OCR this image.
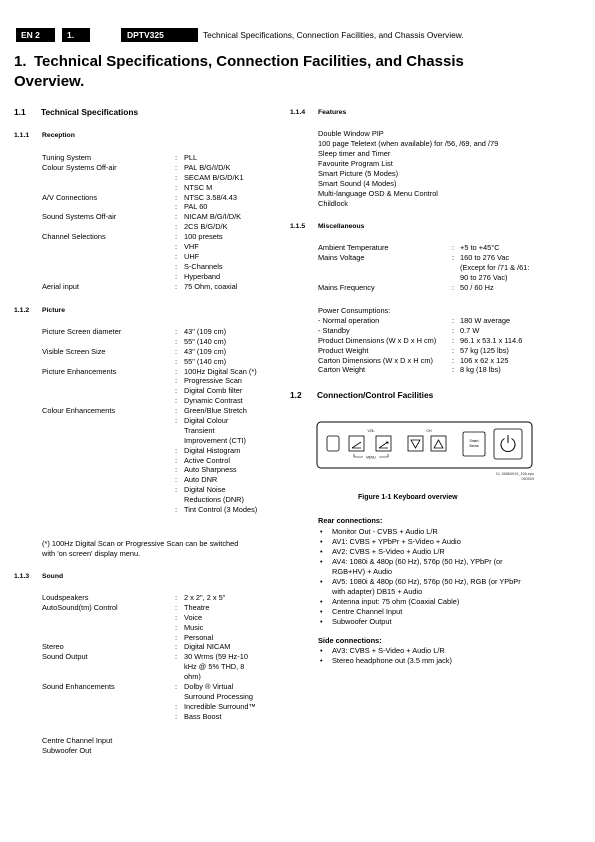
EN 2	1.	DPTV325	Technical Specifications, Connection Facilities, and Chassis Overview.
1. Technical Specifications, Connection Facilities, and Chassis
Overview.
1.1 Technical Specifications
1.1.1 Reception
Tuning System	: PLL
Colour Systems Off-air	: PAL B/G/I/D/K
: SECAM B/G/D/K1
: NTSC M
A/V Connections	: NTSC 3.58/4.43
: PAL 60
Sound Systems Off-air	: NICAM B/G/I/D/K
: 2CS B/G/D/K
Channel Selections	: 100 presets
: VHF
: UHF
: S-Channels
: Hyperband
Aerial input	: 75 Ohm, coaxial
1.1.2 Picture
Picture Screen diameter	: 43" (109 cm)
: 55" (140 cm)
Visible Screen Size	: 43" (109 cm)
: 55" (140 cm)
Picture Enhancements	: 100Hz Digital Scan (*)
: Progressive Scan
: Digital Comb filter
: Dynamic Contrast
Colour Enhancements	: Green/Blue Stretch
: Digital Colour
Transient
Improvement (CTI)
: Digital Histogram
: Active Control
: Auto Sharpness
: Auto DNR
: Digital Noise
Reductions (DNR)
: Tint Control (3 Modes)
(*) 100Hz Digital Scan or Progressive Scan can be switched
with 'on screen' display menu.
1.1.3 Sound
Loudspeakers	: 2 x 2", 2 x 5"
AutoSound(tm) Control	: Theatre
: Voice
: Music
: Personal
Stereo	: Digital NICAM
Sound Output	: 30 Wrms (59 Hz-10
kHz @ 5% THD, 8
ohm)
Sound Enhancements	: Dolby ® Virtual
Surround Processing
: Incredible Surround™
: Bass Boost
Centre Channel Input
Subwoofer Out
1.1.4 Features
Double Window PIP
100 page Teletext (when available) for /56, /69, and /79
Sleep timer and Timer
Favourite Program List
Smart Picture (5 Modes)
Smart Sound (4 Modes)
Multi-language OSD & Menu Control
Childlock
1.1.5 Miscellaneous
Ambient Temperature	: +5 to +45°C
Mains Voltage	: 160 to 276 Vac
(Except for /71 & /61:
90 to 276 Vac)
Mains Frequency	: 50 / 60 Hz
Power Consumptions:
- Normal operation	: 180 W average
- Standby	: 0.7 W
Product Dimensions (W x D x H cm)	: 96.1 x 53.1 x 114.6
Product Weight	: 57 kg (125 lbs)
Carton Dimensions (W x D x H cm)	: 106 x 62 x 125
Carton Weight	: 8 kg (18 lbs)
1.2 Connection/Control Facilities
VOL
MENU
CH
Smart
Sense
CL 36860019_106.eps
040903
Figure 1-1 Keyboard overview
Rear connections:
• Monitor Out - CVBS + Audio L/R
• AV1: CVBS + YPbPr + S-Video + Audio
• AV2: CVBS + S-Video + Audio L/R
• AV4: 1080i & 480p (60 Hz), 576p (50 Hz), YPbPr (or
RGB+HV) + Audio
• AV5: 1080i & 480p (60 Hz), 576p (50 Hz), RGB (or YPbPr
with adapter) DB15 + Audio
• Antenna input: 75 ohm (Coaxial Cable)
• Centre Channel Input
• Subwoofer Output
Side connections:
• AV3: CVBS + S-Video + Audio L/R
• Stereo headphone out (3.5 mm jack)
